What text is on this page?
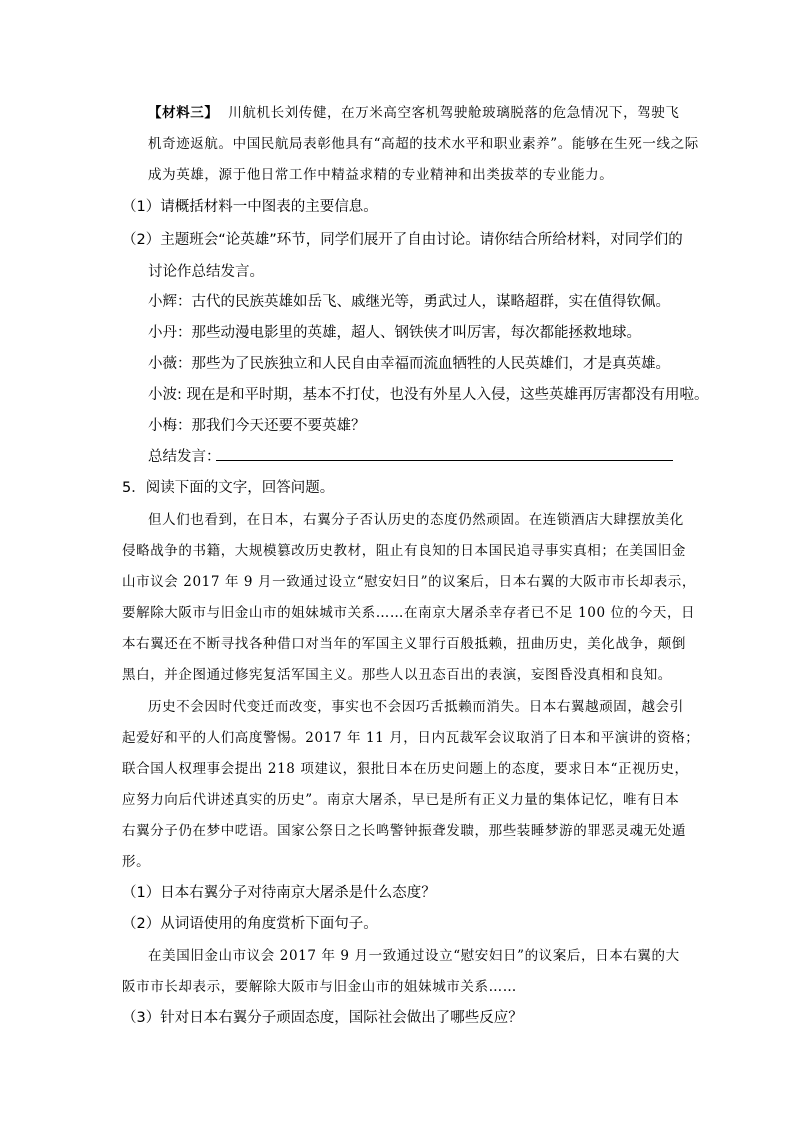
【材料三】 川航机长刘传健，在万米高空客机驾驶舱玻璃脱落的危急情况下，驾驶飞
机奇迹返航。中国民航局表彰他具有“高超的技术水平和职业素养”。能够在生死一线之际
成为英雄，源于他日常工作中精益求精的专业精神和出类拔萃的专业能力。
（1）请概括材料一中图表的主要信息。
（2）主题班会“论英雄”环节，同学们展开了自由讨论。请你结合所给材料，对同学们的
讨论作总结发言。
小辉：古代的民族英雄如岳飞、戚继光等，勇武过人，谋略超群，实在值得钦佩。
小丹：那些动漫电影里的英雄，超人、钢铁侠才叫厉害，每次都能拯救地球。
小薇：那些为了民族独立和人民自由幸福而流血牺牲的人民英雄们，才是真英雄。
小波: 现在是和平时期，基本不打仗，也没有外星人入侵，这些英雄再厉害都没有用啦。
小梅：那我们今天还要不要英雄？
总结发言：
5．阅读下面的文字，回答问题。
但人们也看到，在日本，右翼分子否认历史的态度仍然顽固。在连锁酒店大肆摆放美化
侵略战争的书籍，大规模篡改历史教材，阻止有良知的日本国民追寻事实真相；在美国旧金
山市议会 2017 年 9 月一致通过设立“慰安妇日”的议案后，日本右翼的大阪市市长却表示，
要解除大阪市与旧金山市的姐妹城市关系……在南京大屠杀幸存者已不足 100 位的今天，日
本右翼还在不断寻找各种借口对当年的军国主义罪行百般抵赖，扭曲历史，美化战争，颠倒
黑白，并企图通过修宪复活军国主义。那些人以丑态百出的表演，妄图昏没真相和良知。
历史不会因时代变迁而改变，事实也不会因巧舌抵赖而消失。日本右翼越顽固，越会引
起爱好和平的人们高度警惕。2017 年 11 月，日内瓦裁军会议取消了日本和平演讲的资格；
联合国人权理事会提出 218 项建议，狠批日本在历史问题上的态度，要求日本“正视历史，
应努力向后代讲述真实的历史”。南京大屠杀，早已是所有正义力量的集体记忆，唯有日本
右翼分子仍在梦中呓语。国家公祭日之长鸣警钟振聋发聩，那些装睡梦游的罪恶灵魂无处遁
形。
（1）日本右翼分子对待南京大屠杀是什么态度？
（2）从词语使用的角度赏析下面句子。
在美国旧金山市议会 2017 年 9 月一致通过设立“慰安妇日”的议案后，日本右翼的大
阪市市长却表示，要解除大阪市与旧金山市的姐妹城市关系……
（3）针对日本右翼分子顽固态度，国际社会做出了哪些反应？
